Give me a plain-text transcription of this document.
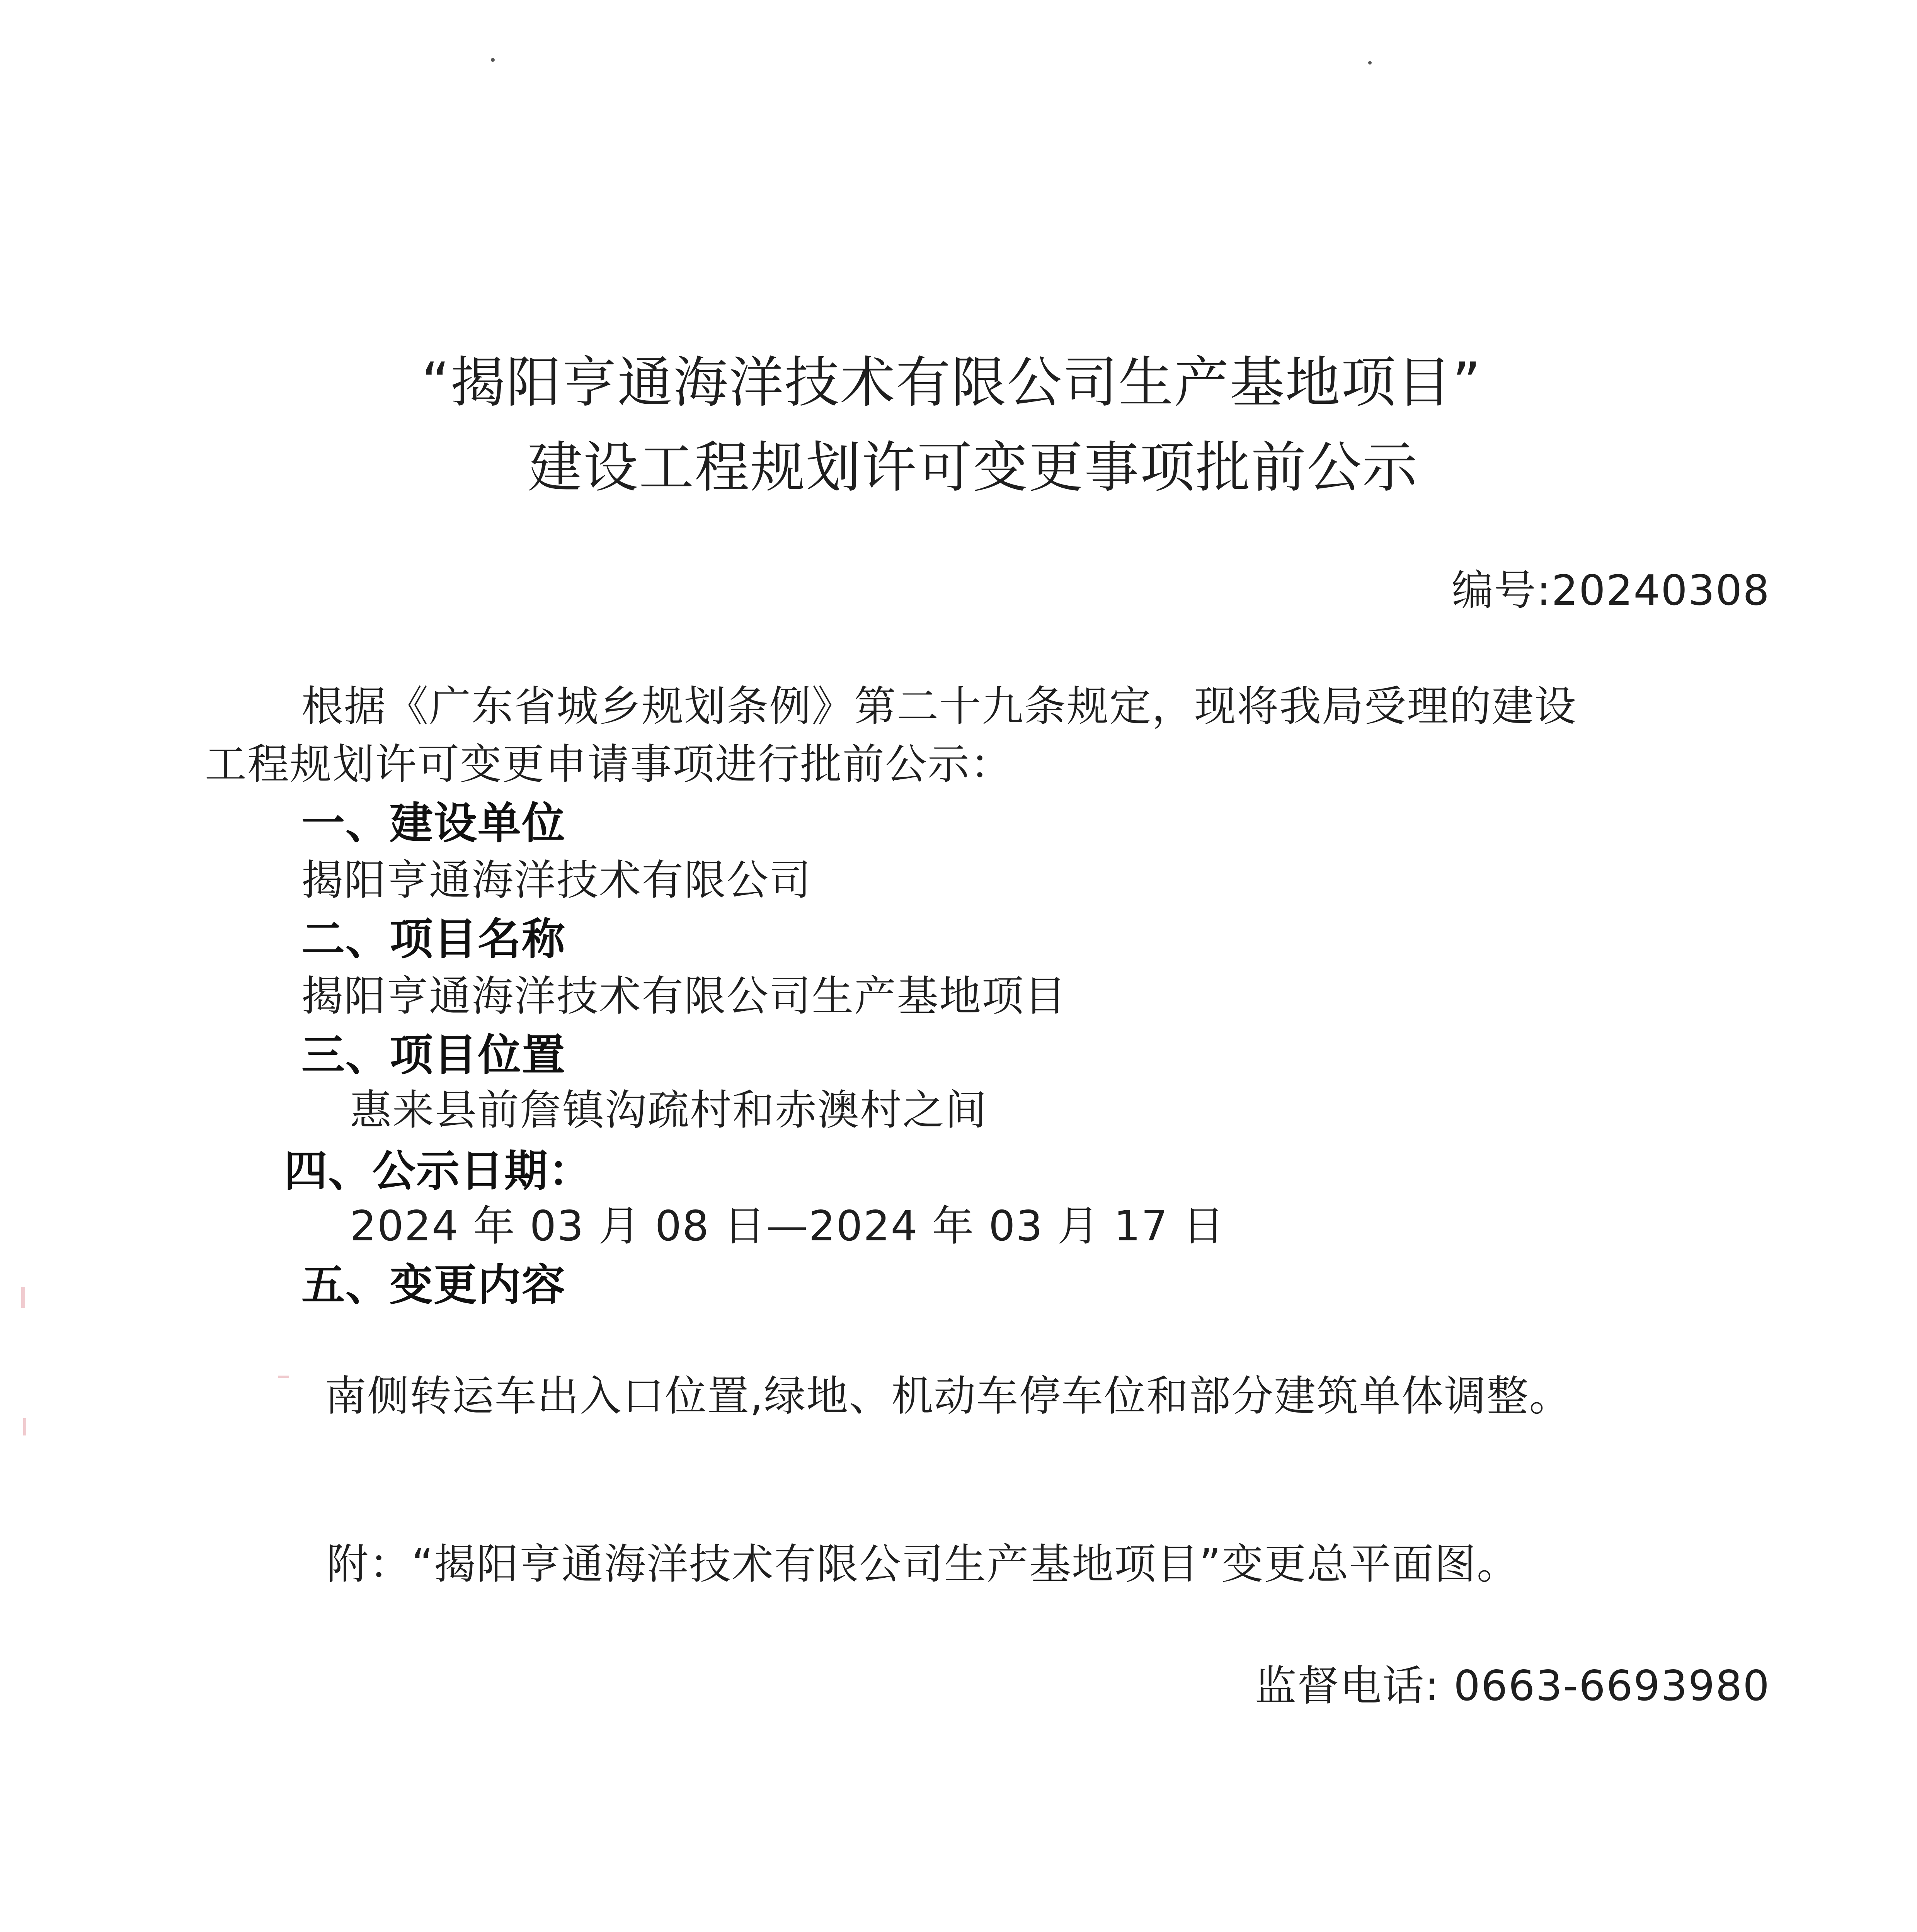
“揭阳亨通海洋技术有限公司生产基地项目”
建设工程规划许可变更事项批前公示
编号:20240308
根据《广东省城乡规划条例》第二十九条规定，现将我局受理的建设
工程规划许可变更申请事项进行批前公示：
一、建设单位
揭阳亨通海洋技术有限公司
二、项目名称
揭阳亨通海洋技术有限公司生产基地项目
三、项目位置
惠来县前詹镇沟疏村和赤澳村之间
四、公示日期：
2024 年 03 月 08 日—2024 年 03 月 17 日
五、变更内容
南侧转运车出入口位置,绿地、机动车停车位和部分建筑单体调整。
附：“揭阳亨通海洋技术有限公司生产基地项目”变更总平面图。
监督电话: 0663-6693980
